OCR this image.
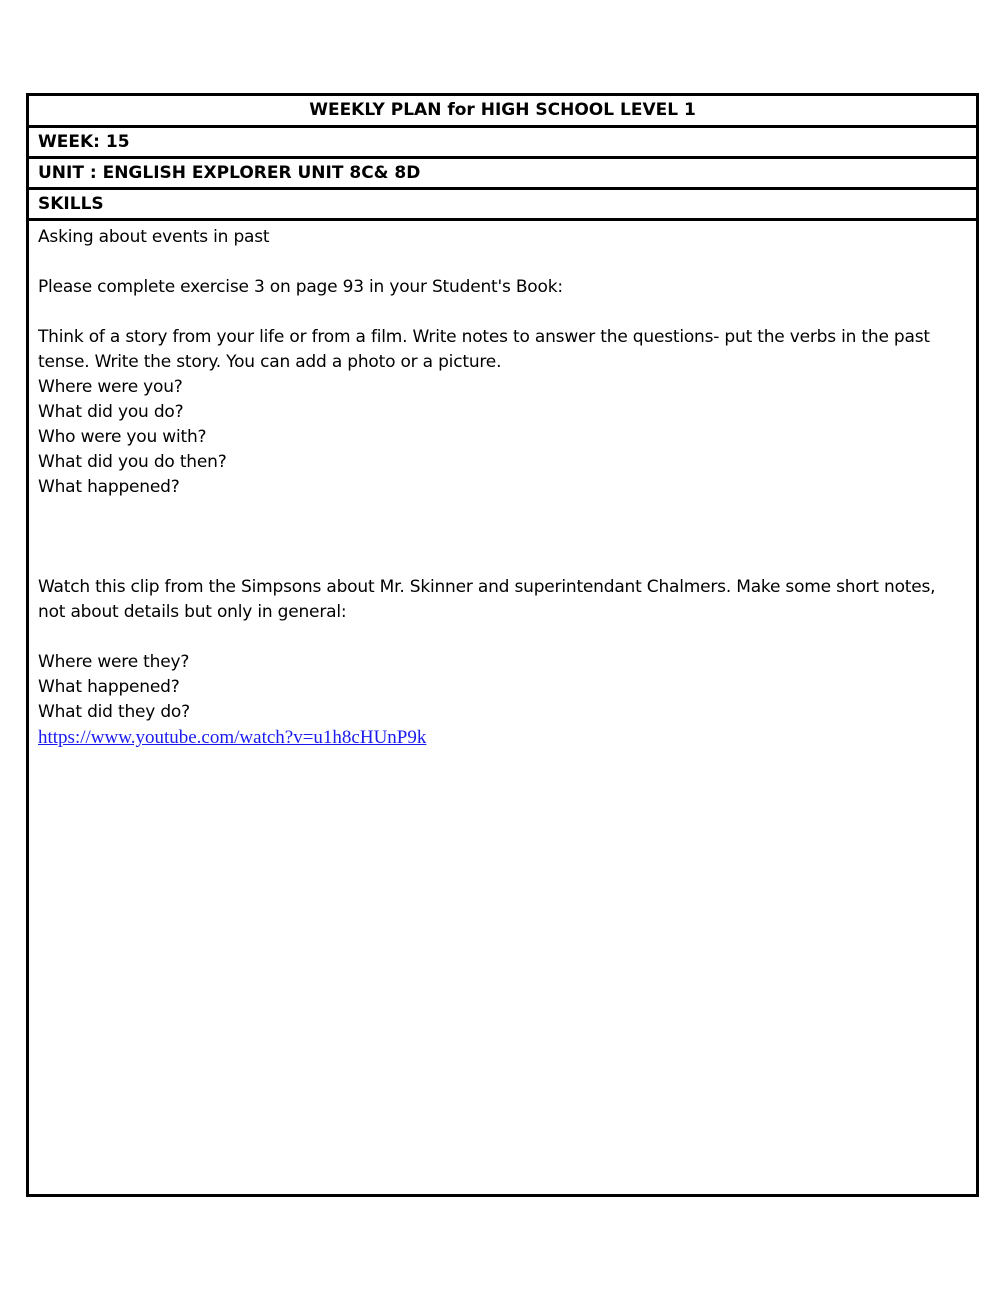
WEEKLY PLAN for HIGH SCHOOL LEVEL 1
WEEK: 15
UNIT : ENGLISH EXPLORER UNIT 8C& 8D
SKILLS
Asking about events in past
Please complete exercise 3 on page 93 in your Student's Book:
Think of a story from your life or from a film. Write notes to answer the questions- put the verbs in the past
tense. Write the story. You can add a photo or a picture.
Where were you?
What did you do?
Who were you with?
What did you do then?
What happened?
Watch this clip from the Simpsons about Mr. Skinner and superintendant Chalmers. Make some short notes,
not about details but only in general:
Where were they?
What happened?
What did they do?
https://www.youtube.com/watch?v=u1h8cHUnP9k
